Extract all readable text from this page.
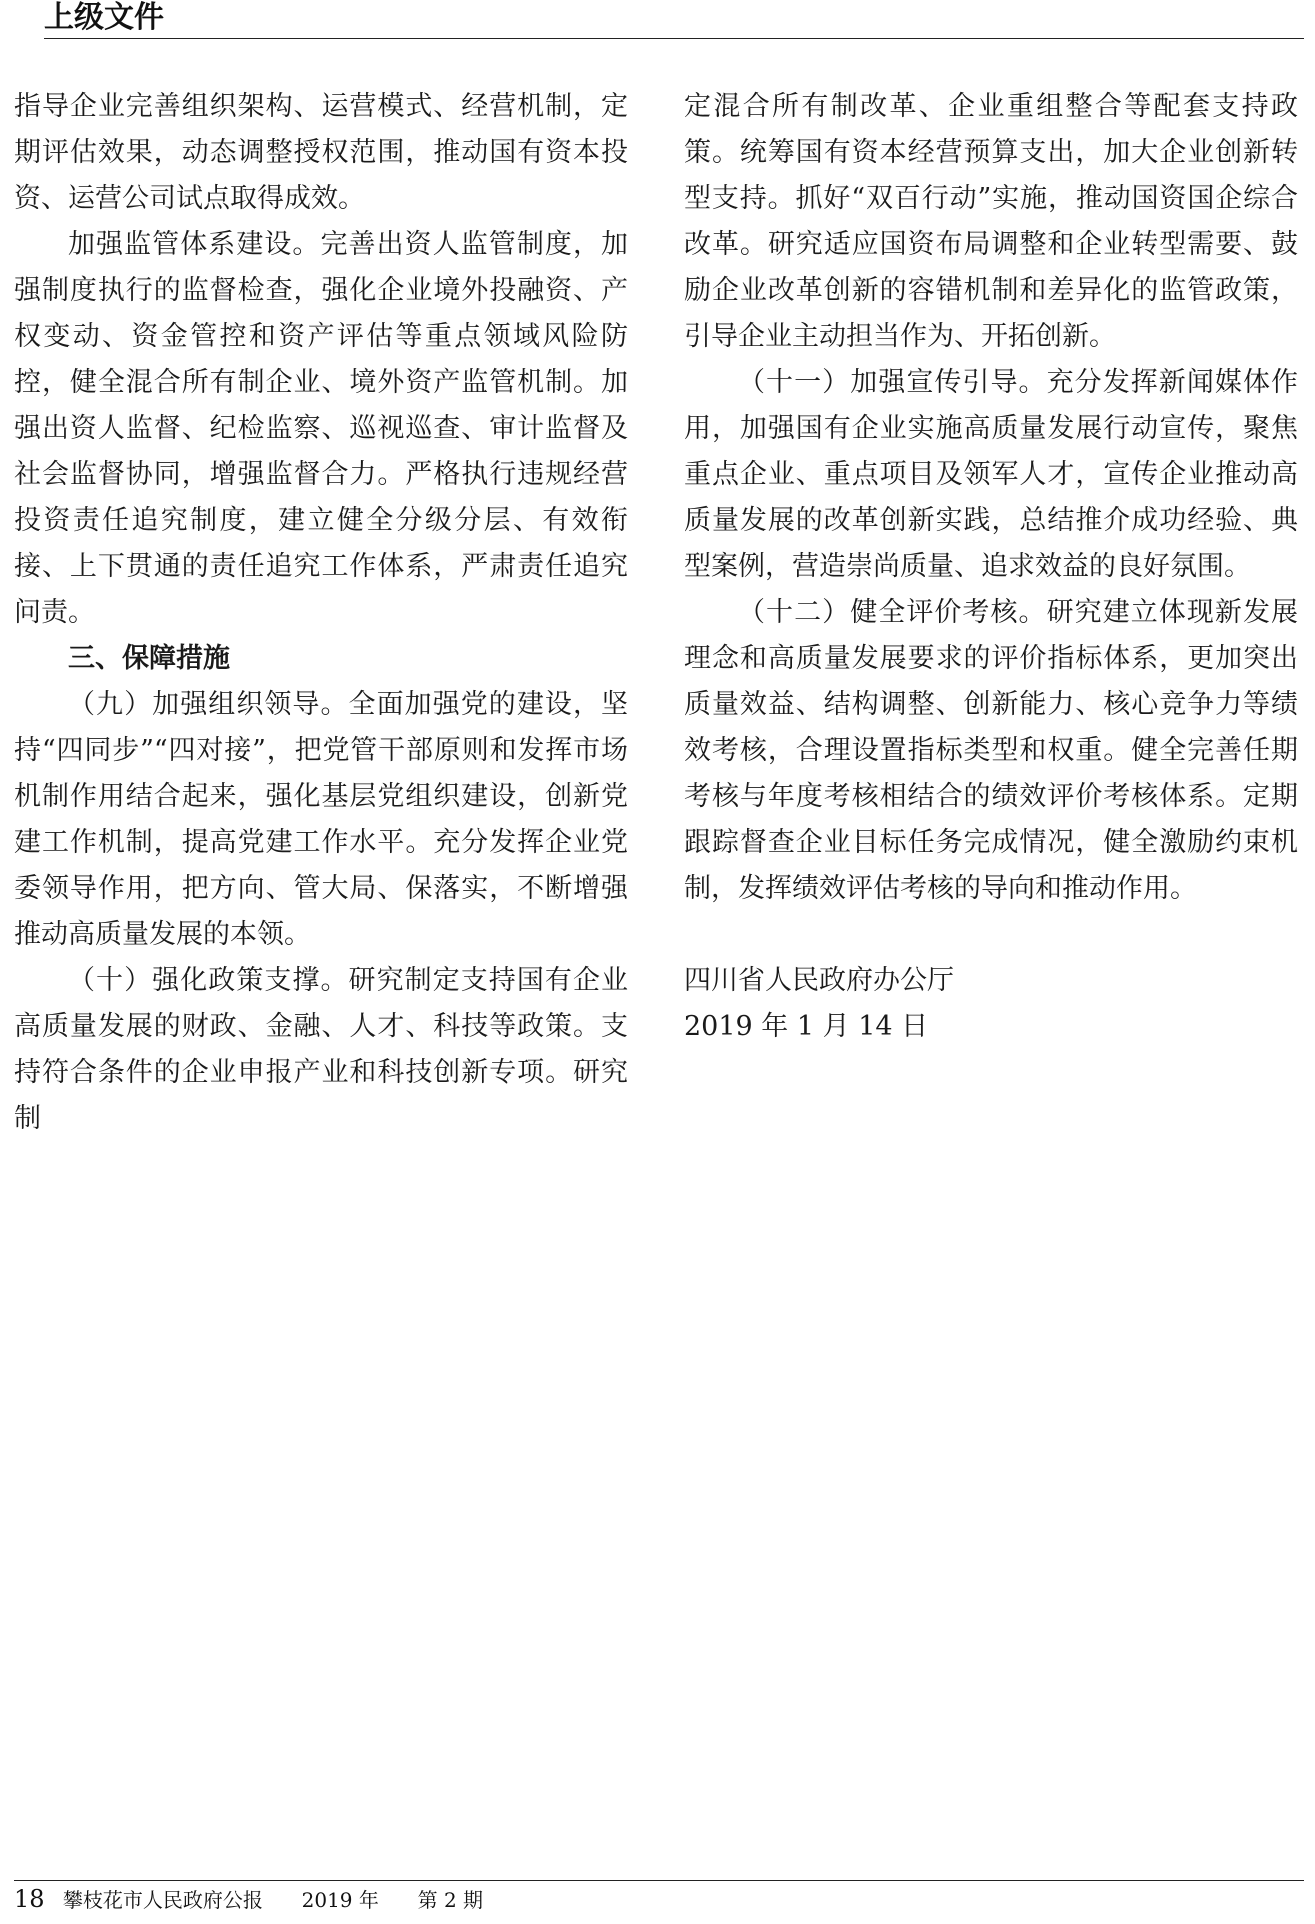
上级文件

指导企业完善组织架构、运营模式、经营机制，定期评估效果，动态调整授权范围，推动国有资本投资、运营公司试点取得成效。

加强监管体系建设。完善出资人监管制度，加强制度执行的监督检查，强化企业境外投融资、产权变动、资金管控和资产评估等重点领域风险防控，健全混合所有制企业、境外资产监管机制。加强出资人监督、纪检监察、巡视巡查、审计监督及社会监督协同，增强监督合力。严格执行违规经营投资责任追究制度，建立健全分级分层、有效衔接、上下贯通的责任追究工作体系，严肃责任追究问责。

三、保障措施

（九）加强组织领导。全面加强党的建设，坚持“四同步”“四对接”，把党管干部原则和发挥市场机制作用结合起来，强化基层党组织建设，创新党建工作机制，提高党建工作水平。充分发挥企业党委领导作用，把方向、管大局、保落实，不断增强推动高质量发展的本领。

（十）强化政策支撑。研究制定支持国有企业高质量发展的财政、金融、人才、科技等政策。支持符合条件的企业申报产业和科技创新专项。研究制

定混合所有制改革、企业重组整合等配套支持政策。统筹国有资本经营预算支出，加大企业创新转型支持。抓好“双百行动”实施，推动国资国企综合改革。研究适应国资布局调整和企业转型需要、鼓励企业改革创新的容错机制和差异化的监管政策，引导企业主动担当作为、开拓创新。

（十一）加强宣传引导。充分发挥新闻媒体作用，加强国有企业实施高质量发展行动宣传，聚焦重点企业、重点项目及领军人才，宣传企业推动高质量发展的改革创新实践，总结推介成功经验、典型案例，营造崇尚质量、追求效益的良好氛围。

（十二）健全评价考核。研究建立体现新发展理念和高质量发展要求的评价指标体系，更加突出质量效益、结构调整、创新能力、核心竞争力等绩效考核，合理设置指标类型和权重。健全完善任期考核与年度考核相结合的绩效评价考核体系。定期跟踪督查企业目标任务完成情况，健全激励约束机制，发挥绩效评估考核的导向和推动作用。

四川省人民政府办公厅

2019 年 1 月 14 日

18 攀枝花市人民政府公报 2019 年 第 2 期
